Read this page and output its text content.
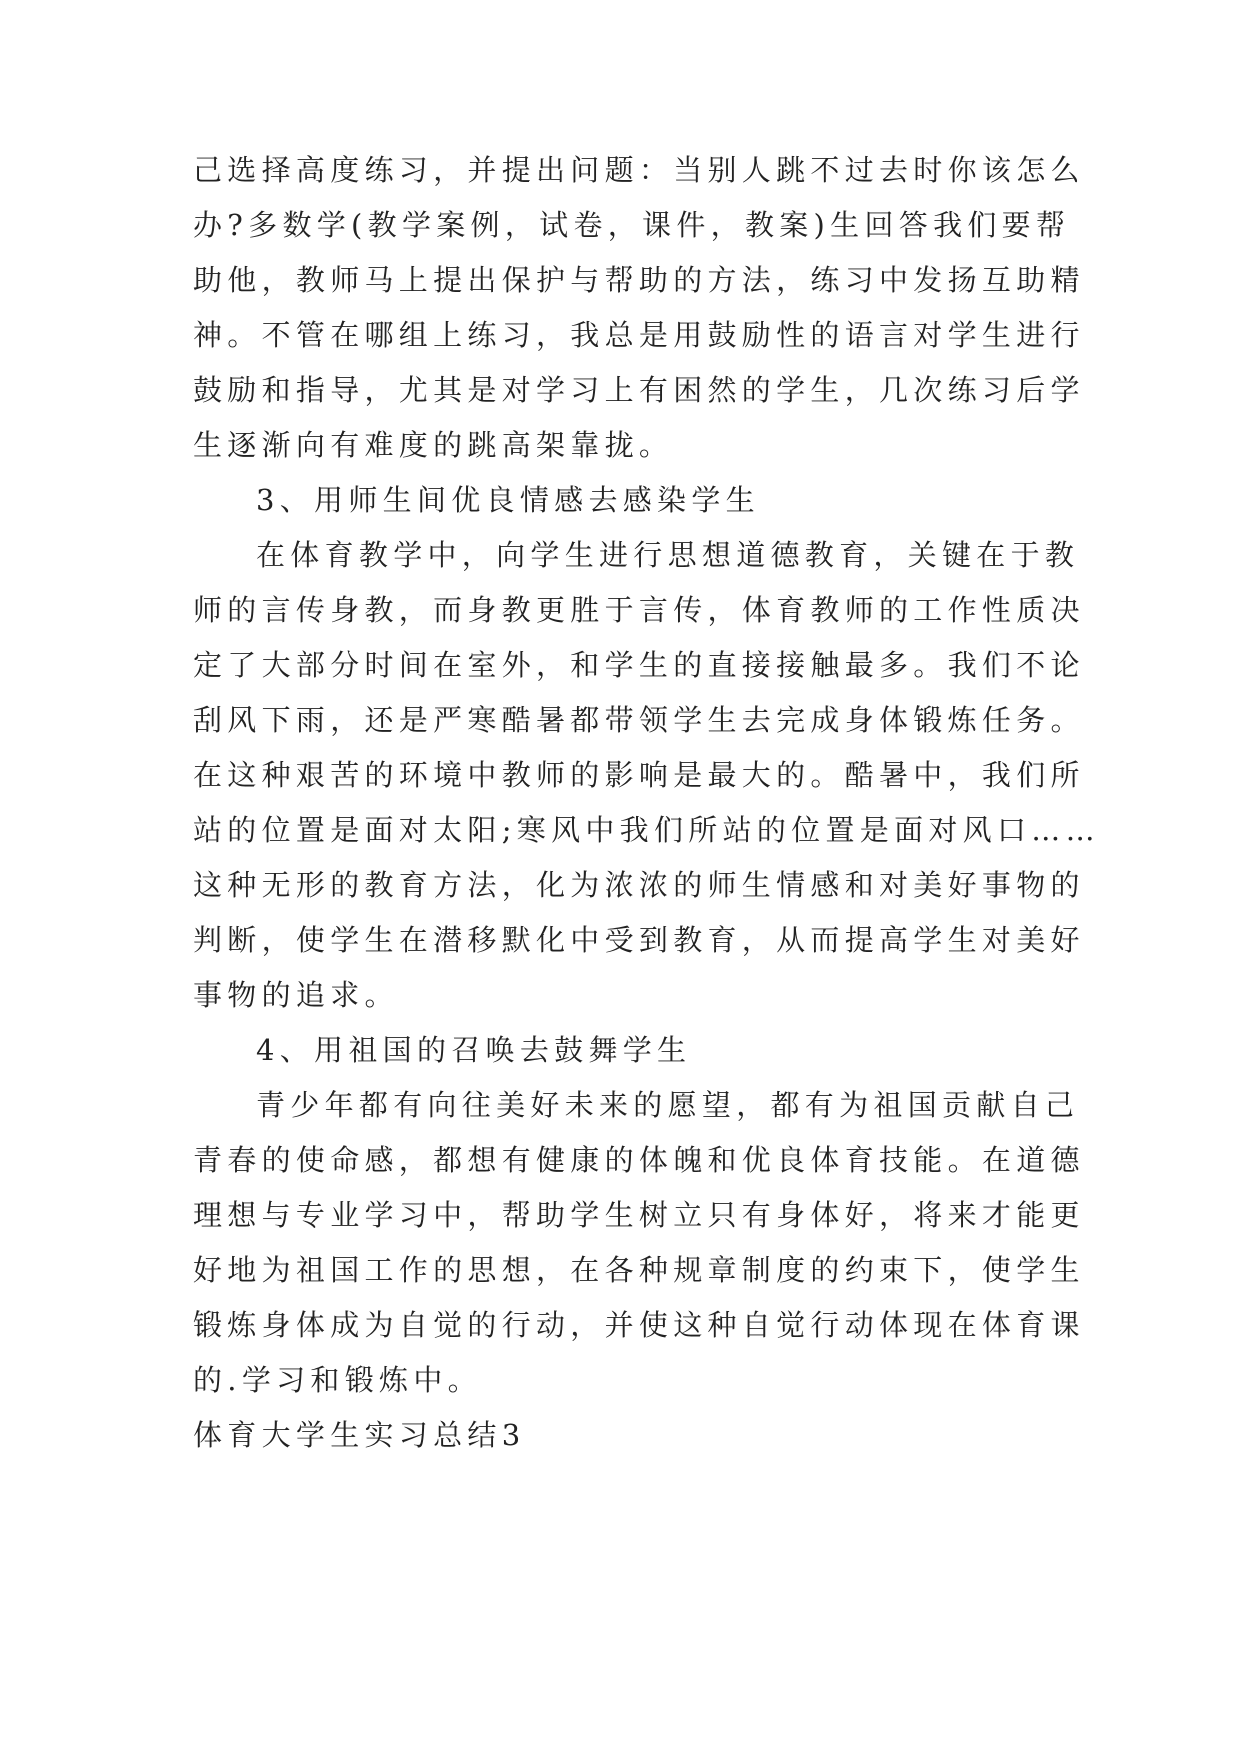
己选择高度练习，并提出问题：当别人跳不过去时你该怎么
办?多数学(教学案例，试卷，课件，教案)生回答我们要帮
助他，教师马上提出保护与帮助的方法，练习中发扬互助精
神。不管在哪组上练习，我总是用鼓励性的语言对学生进行
鼓励和指导，尤其是对学习上有困然的学生，几次练习后学
生逐渐向有难度的跳高架靠拢。
3、用师生间优良情感去感染学生
在体育教学中，向学生进行思想道德教育，关键在于教
师的言传身教，而身教更胜于言传，体育教师的工作性质决
定了大部分时间在室外，和学生的直接接触最多。我们不论
刮风下雨，还是严寒酷暑都带领学生去完成身体锻炼任务。
在这种艰苦的环境中教师的影响是最大的。酷暑中，我们所
站的位置是面对太阳;寒风中我们所站的位置是面对风口……
这种无形的教育方法，化为浓浓的师生情感和对美好事物的
判断，使学生在潜移默化中受到教育，从而提高学生对美好
事物的追求。
4、用祖国的召唤去鼓舞学生
青少年都有向往美好未来的愿望，都有为祖国贡献自己
青春的使命感，都想有健康的体魄和优良体育技能。在道德
理想与专业学习中，帮助学生树立只有身体好，将来才能更
好地为祖国工作的思想，在各种规章制度的约束下，使学生
锻炼身体成为自觉的行动，并使这种自觉行动体现在体育课
的.学习和锻炼中。
体育大学生实习总结3
